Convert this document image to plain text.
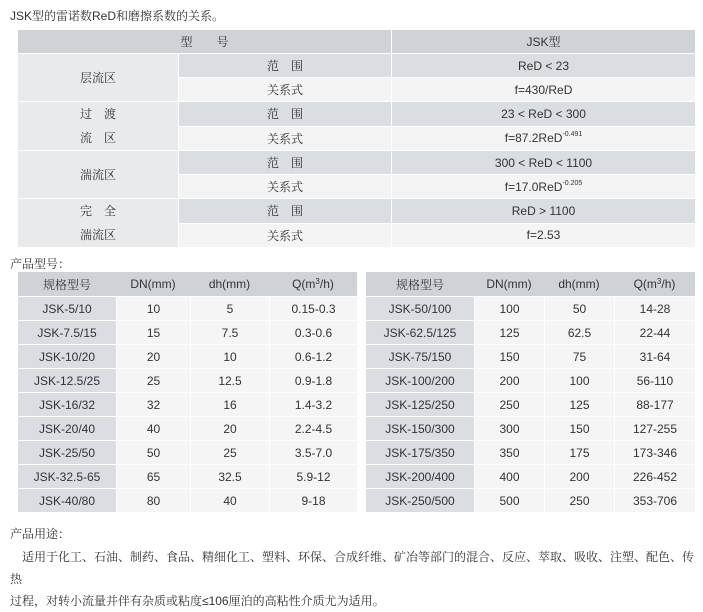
JSK型的雷诺数ReD和磨擦系数的关系。
型　　号		JSK型

层流区	范　围	ReD < 23
	关系式	f=430/ReD

过　渡
流　区	范　围	23 < ReD < 300
	关系式	f=87.2ReD$^{-0.491}$

湍流区	范　围	300 < ReD < 1100
	关系式	f=17.0ReD$^{-0.205}$

完　全
湍流区	范　围	ReD > 1100
	关系式	f=2.53
产品型号：
规格型号	DN(mm)	dh(mm)	$Q(m^3/h)$
JSK-5/10	10	5	0.15-0.3
JSK-7.5/15	15	7.5	0.3-0.6
JSK-10/20	20	10	0.6-1.2
JSK-12.5/25	25	12.5	0.9-1.8
JSK-16/32	32	16	1.4-3.2
JSK-20/40	40	20	2.2-4.5
JSK-25/50	50	25	3.5-7.0
JSK-32.5-65	65	32.5	5.9-12
JSK-40/80	80	40	9-18
规格型号	DN(mm)	dh(mm)	$Q(m^3/h)$
JSK-50/100	100	50	14-28
JSK-62.5/125	125	62.5	22-44
JSK-75/150	150	75	31-64
JSK-100/200	200	100	56-110
JSK-125/250	250	125	88-177
JSK-150/300	300	150	127-255
JSK-175/350	350	175	173-346
JSK-200/400	400	200	226-452
JSK-250/500	500	250	353-706
产品用途：
　适用于化工、石油、制药、食品、精细化工、塑料、环保、合成纤维、矿冶等部门的混合、反应、萃取、吸收、注塑、配色、传热
过程，对转小流量并伴有杂质或粘度≤106厘泊的高粘性介质尤为适用。
